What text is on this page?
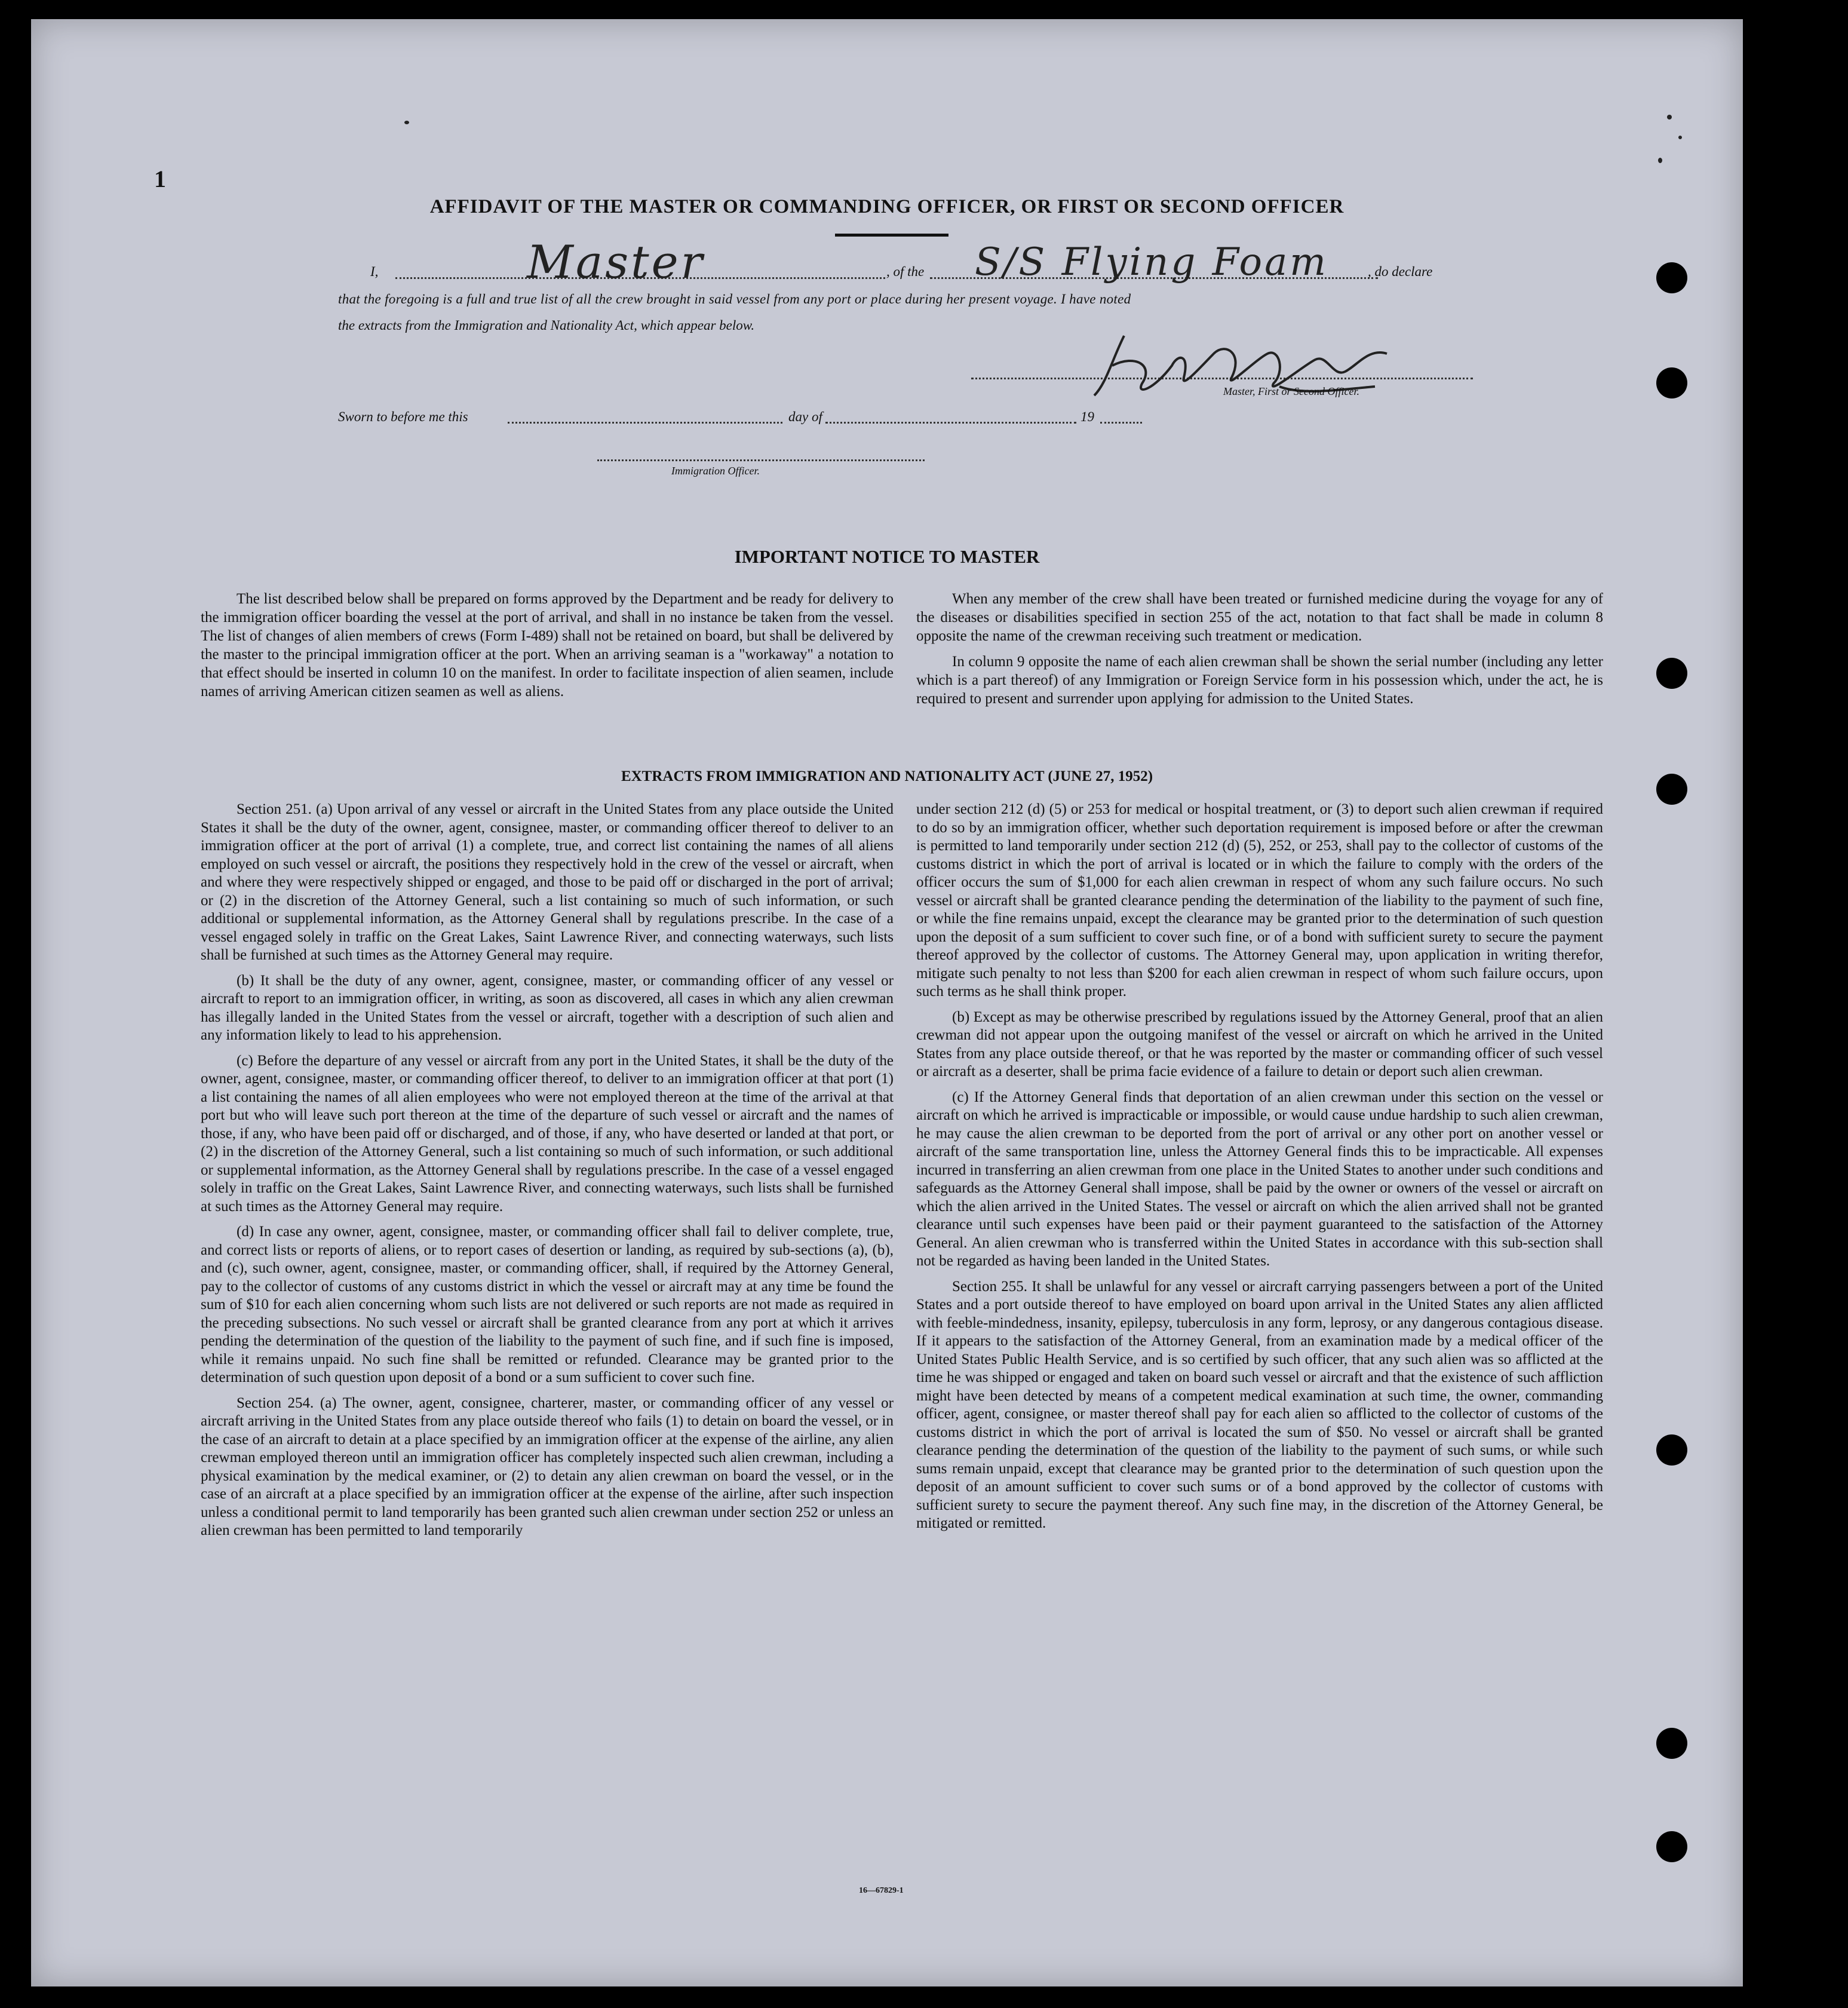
1
AFFIDAVIT OF THE MASTER OR COMMANDING OFFICER, OR FIRST OR SECOND OFFICER
I,	Master	, of the S/S Flying Foam	, do declare
that the foregoing is a full and true list of all the crew brought in said vessel from any port or place during her present voyage. I have noted
the extracts from the Immigration and Nationality Act, which appear below.
Master, First or Second Officer.
Sworn to before me this	day of	19
Immigration Officer.
IMPORTANT NOTICE TO MASTER

The list described below shall be prepared on forms approved by the Department and be ready for delivery to the immigration officer boarding the vessel at the port of arrival, and shall in no instance be taken from the vessel. The list of changes of alien members of crews (Form I-489) shall not be retained on board, but shall be delivered by the master to the principal immigration officer at the port. When an arriving seaman is a "workaway" a notation to that effect should be inserted in column 10 on the manifest. In order to facilitate inspection of alien seamen, include names of arriving American citizen seamen as well as aliens.

When any member of the crew shall have been treated or furnished medicine during the voyage for any of the diseases or disabilities specified in section 255 of the act, notation to that fact shall be made in column 8 opposite the name of the crewman receiving such treatment or medication.

In column 9 opposite the name of each alien crewman shall be shown the serial number (including any letter which is a part thereof) of any Immigration or Foreign Service form in his possession which, under the act, he is required to present and surrender upon applying for admission to the United States.

EXTRACTS FROM IMMIGRATION AND NATIONALITY ACT (JUNE 27, 1952)

Section 251. (a) Upon arrival of any vessel or aircraft in the United States from any place outside the United States it shall be the duty of the owner, agent, consignee, master, or commanding officer thereof to deliver to an immigration officer at the port of arrival (1) a complete, true, and correct list containing the names of all aliens employed on such vessel or aircraft, the positions they respectively hold in the crew of the vessel or aircraft, when and where they were respectively shipped or engaged, and those to be paid off or discharged in the port of arrival; or (2) in the discretion of the Attorney General, such a list containing so much of such information, or such additional or supplemental information, as the Attorney General shall by regulations prescribe. In the case of a vessel engaged solely in traffic on the Great Lakes, Saint Lawrence River, and connecting waterways, such lists shall be furnished at such times as the Attorney General may require.

(b) It shall be the duty of any owner, agent, consignee, master, or commanding officer of any vessel or aircraft to report to an immigration officer, in writing, as soon as discovered, all cases in which any alien crewman has illegally landed in the United States from the vessel or aircraft, together with a description of such alien and any information likely to lead to his apprehension.

(c) Before the departure of any vessel or aircraft from any port in the United States, it shall be the duty of the owner, agent, consignee, master, or commanding officer thereof, to deliver to an immigration officer at that port (1) a list containing the names of all alien employees who were not employed thereon at the time of the arrival at that port but who will leave such port thereon at the time of the departure of such vessel or aircraft and the names of those, if any, who have been paid off or discharged, and of those, if any, who have deserted or landed at that port, or (2) in the discretion of the Attorney General, such a list containing so much of such information, or such additional or supplemental information, as the Attorney General shall by regulations prescribe. In the case of a vessel engaged solely in traffic on the Great Lakes, Saint Lawrence River, and connecting waterways, such lists shall be furnished at such times as the Attorney General may require.

(d) In case any owner, agent, consignee, master, or commanding officer shall fail to deliver complete, true, and correct lists or reports of aliens, or to report cases of desertion or landing, as required by sub-sections (a), (b), and (c), such owner, agent, consignee, master, or commanding officer, shall, if required by the Attorney General, pay to the collector of customs of any customs district in which the vessel or aircraft may at any time be found the sum of $10 for each alien concerning whom such lists are not delivered or such reports are not made as required in the preceding subsections. No such vessel or aircraft shall be granted clearance from any port at which it arrives pending the determination of the question of the liability to the payment of such fine, and if such fine is imposed, while it remains unpaid. No such fine shall be remitted or refunded. Clearance may be granted prior to the determination of such question upon deposit of a bond or a sum sufficient to cover such fine.

Section 254. (a) The owner, agent, consignee, charterer, master, or commanding officer of any vessel or aircraft arriving in the United States from any place outside thereof who fails (1) to detain on board the vessel, or in the case of an aircraft to detain at a place specified by an immigration officer at the expense of the airline, any alien crewman employed thereon until an immigration officer has completely inspected such alien crewman, including a physical examination by the medical examiner, or (2) to detain any alien crewman on board the vessel, or in the case of an aircraft at a place specified by an immigration officer at the expense of the airline, after such inspection unless a conditional permit to land temporarily has been granted such alien crewman under section 252 or unless an alien crewman has been permitted to land temporarily

under section 212 (d) (5) or 253 for medical or hospital treatment, or (3) to deport such alien crewman if required to do so by an immigration officer, whether such deportation requirement is imposed before or after the crewman is permitted to land temporarily under section 212 (d) (5), 252, or 253, shall pay to the collector of customs of the customs district in which the port of arrival is located or in which the failure to comply with the orders of the officer occurs the sum of $1,000 for each alien crewman in respect of whom any such failure occurs. No such vessel or aircraft shall be granted clearance pending the determination of the liability to the payment of such fine, or while the fine remains unpaid, except the clearance may be granted prior to the determination of such question upon the deposit of a sum sufficient to cover such fine, or of a bond with sufficient surety to secure the payment thereof approved by the collector of customs. The Attorney General may, upon application in writing therefor, mitigate such penalty to not less than $200 for each alien crewman in respect of whom such failure occurs, upon such terms as he shall think proper.

(b) Except as may be otherwise prescribed by regulations issued by the Attorney General, proof that an alien crewman did not appear upon the outgoing manifest of the vessel or aircraft on which he arrived in the United States from any place outside thereof, or that he was reported by the master or commanding officer of such vessel or aircraft as a deserter, shall be prima facie evidence of a failure to detain or deport such alien crewman.

(c) If the Attorney General finds that deportation of an alien crewman under this section on the vessel or aircraft on which he arrived is impracticable or impossible, or would cause undue hardship to such alien crewman, he may cause the alien crewman to be deported from the port of arrival or any other port on another vessel or aircraft of the same transportation line, unless the Attorney General finds this to be impracticable. All expenses incurred in transferring an alien crewman from one place in the United States to another under such conditions and safeguards as the Attorney General shall impose, shall be paid by the owner or owners of the vessel or aircraft on which the alien arrived in the United States. The vessel or aircraft on which the alien arrived shall not be granted clearance until such expenses have been paid or their payment guaranteed to the satisfaction of the Attorney General. An alien crewman who is transferred within the United States in accordance with this sub-section shall not be regarded as having been landed in the United States.

Section 255. It shall be unlawful for any vessel or aircraft carrying passengers between a port of the United States and a port outside thereof to have employed on board upon arrival in the United States any alien afflicted with feeble-mindedness, insanity, epilepsy, tuberculosis in any form, leprosy, or any dangerous contagious disease. If it appears to the satisfaction of the Attorney General, from an examination made by a medical officer of the United States Public Health Service, and is so certified by such officer, that any such alien was so afflicted at the time he was shipped or engaged and taken on board such vessel or aircraft and that the existence of such affliction might have been detected by means of a competent medical examination at such time, the owner, commanding officer, agent, consignee, or master thereof shall pay for each alien so afflicted to the collector of customs of the customs district in which the port of arrival is located the sum of $50. No vessel or aircraft shall be granted clearance pending the determination of the question of the liability to the payment of such sums, or while such sums remain unpaid, except that clearance may be granted prior to the determination of such question upon the deposit of an amount sufficient to cover such sums or of a bond approved by the collector of customs with sufficient surety to secure the payment thereof. Any such fine may, in the discretion of the Attorney General, be mitigated or remitted.

16—67829-1
